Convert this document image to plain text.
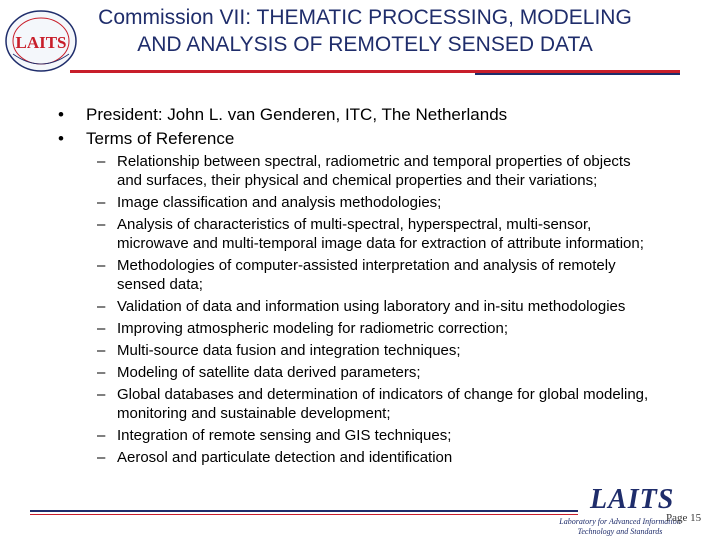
LAITS
Commission VII: THEMATIC PROCESSING, MODELING AND ANALYSIS OF REMOTELY SENSED DATA
• President: John L. van Genderen, ITC, The Netherlands
• Terms of Reference
– Relationship between spectral, radiometric and temporal properties of objects and surfaces, their physical and chemical properties and their variations;
– Image classification and analysis methodologies;
– Analysis of characteristics of multi-spectral, hyperspectral, multi-sensor, microwave and multi-temporal image data for extraction of attribute information;
– Methodologies of computer-assisted interpretation and analysis of remotely sensed data;
– Validation of data and information using laboratory and in-situ methodologies
– Improving atmospheric modeling for radiometric correction;
– Multi-source data fusion and integration techniques;
– Modeling of satellite data derived parameters;
– Global databases and determination of indicators of change for global modeling, monitoring and sustainable development;
– Integration of remote sensing and GIS techniques;
– Aerosol and particulate detection and identification
LAITS
Laboratory for Advanced Information
Technology and Standards
Page 15
